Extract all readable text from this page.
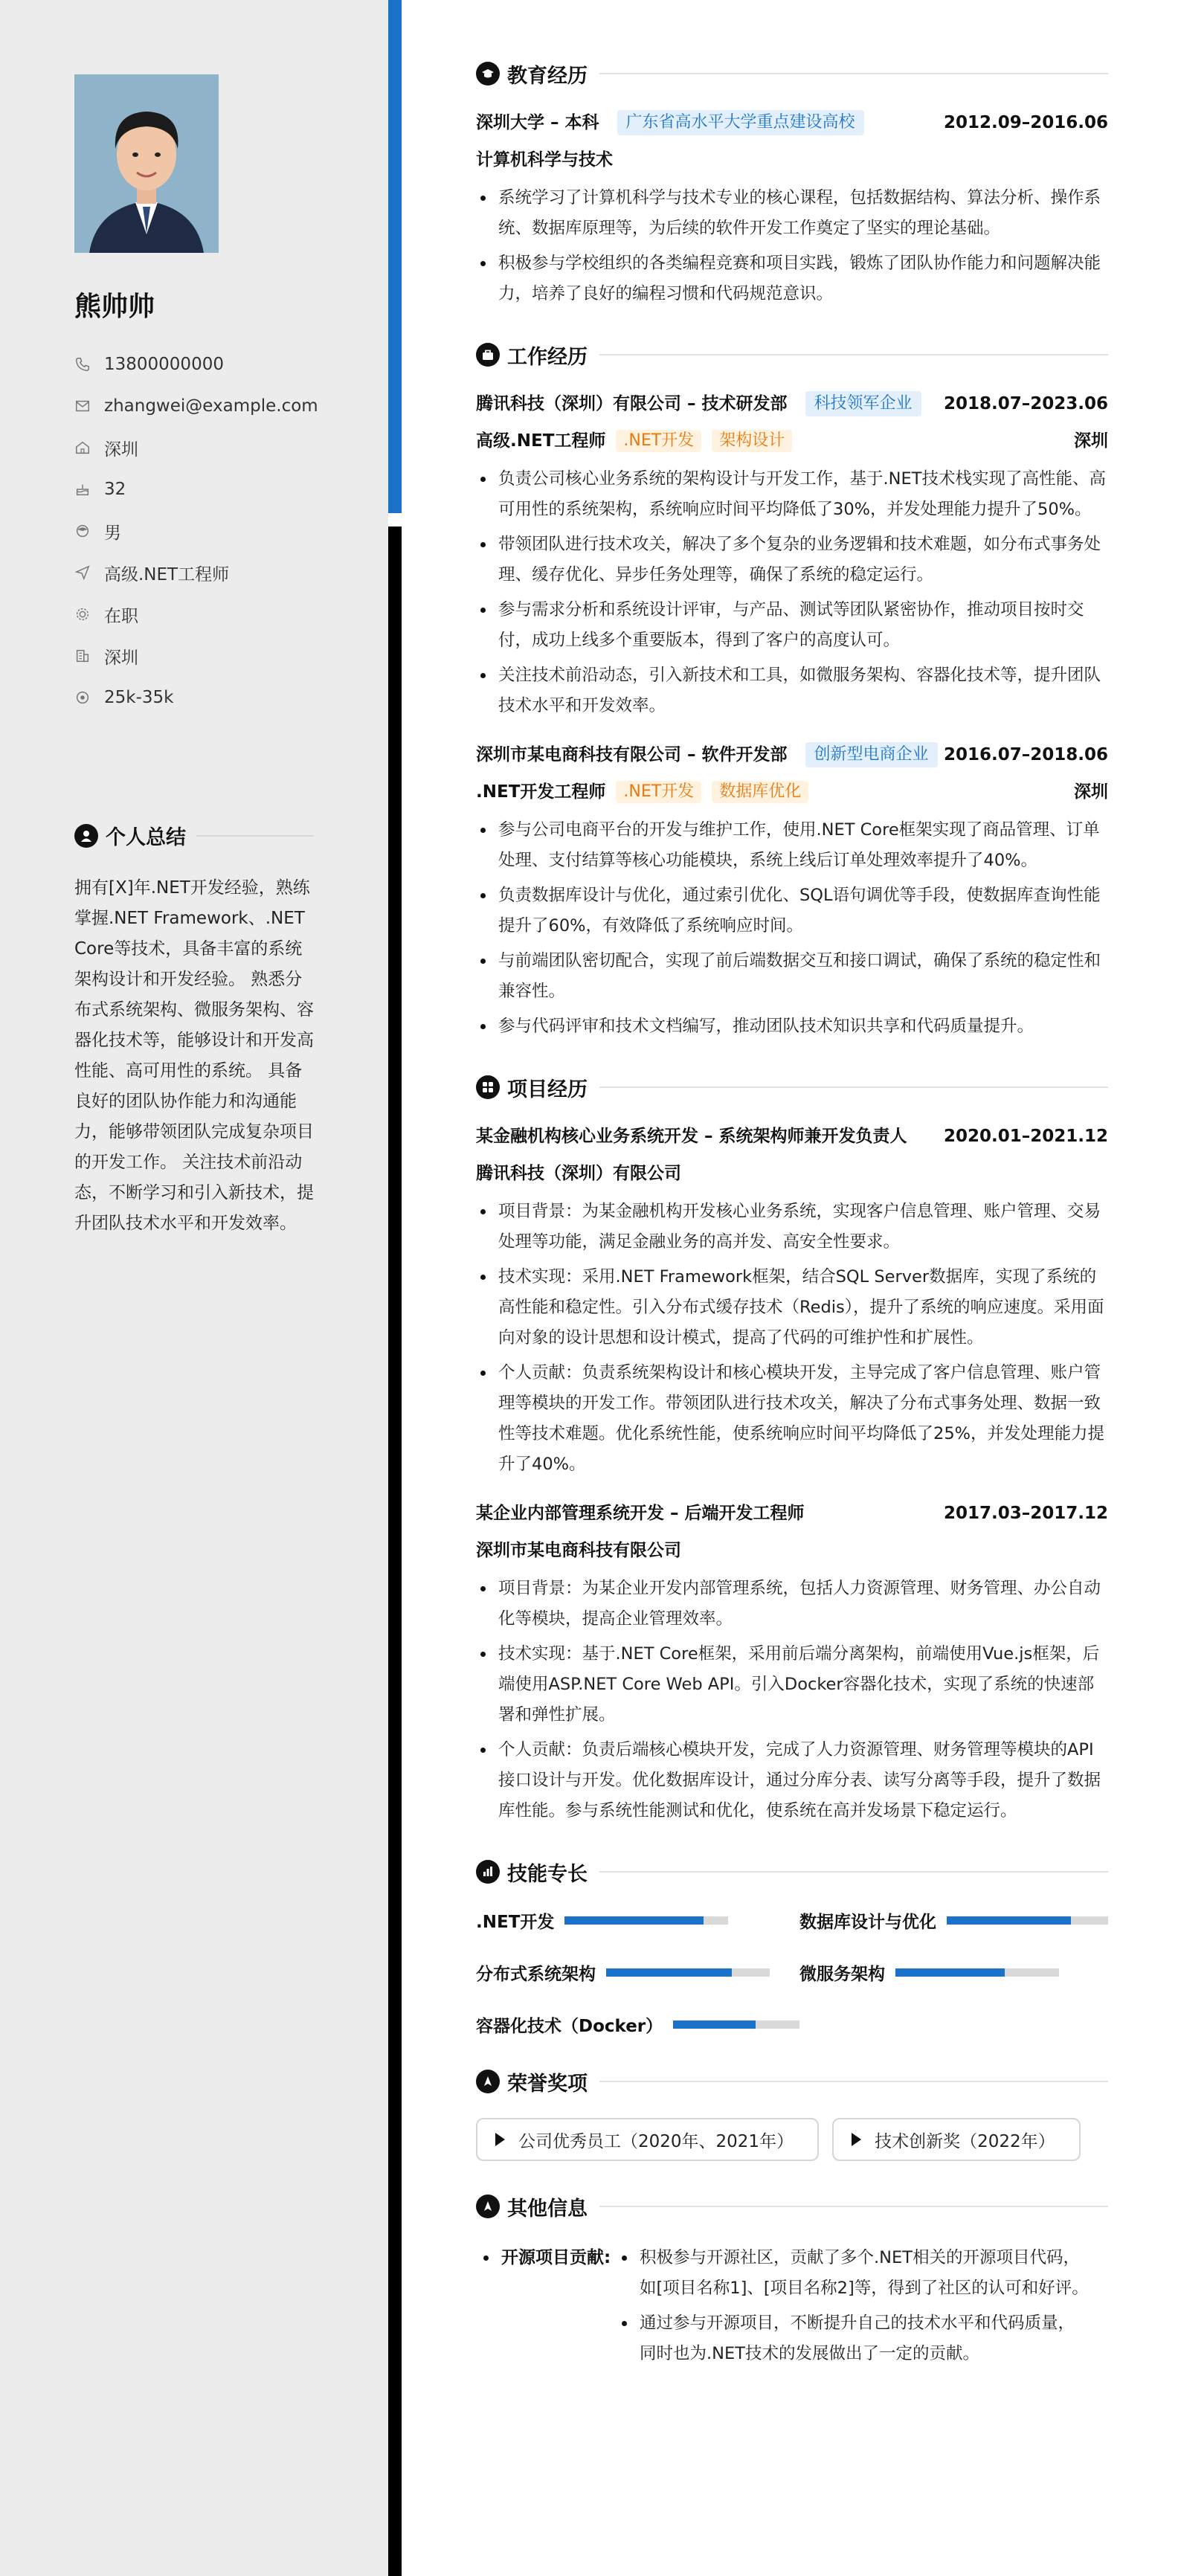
熊帅帅
13800000000
zhangwei@example.com
深圳
32
男
高级.NET工程师
在职
深圳
25k-35k
个人总结
拥有[X]年.NET开发经验，熟练掌握.NET Framework、.NET Core等技术，具备丰富的系统架构设计和开发经验。 熟悉分布式系统架构、微服务架构、容器化技术等，能够设计和开发高性能、高可用性的系统。 具备良好的团队协作能力和沟通能力，能够带领团队完成复杂项目的开发工作。 关注技术前沿动态，不断学习和引入新技术，提升团队技术水平和开发效率。
教育经历
深圳大学 – 本科	广东省高水平大学重点建设高校	2012.09–2016.06
计算机科学与技术
系统学习了计算机科学与技术专业的核心课程，包括数据结构、算法分析、操作系统、数据库原理等，为后续的软件开发工作奠定了坚实的理论基础。
积极参与学校组织的各类编程竞赛和项目实践，锻炼了团队协作能力和问题解决能力，培养了良好的编程习惯和代码规范意识。
工作经历
腾讯科技（深圳）有限公司 – 技术研发部	科技领军企业	2018.07–2023.06
高级.NET工程师	.NET开发	架构设计	深圳
负责公司核心业务系统的架构设计与开发工作，基于.NET技术栈实现了高性能、高可用性的系统架构，系统响应时间平均降低了30%，并发处理能力提升了50%。
带领团队进行技术攻关，解决了多个复杂的业务逻辑和技术难题，如分布式事务处理、缓存优化、异步任务处理等，确保了系统的稳定运行。
参与需求分析和系统设计评审，与产品、测试等团队紧密协作，推动项目按时交付，成功上线多个重要版本，得到了客户的高度认可。
关注技术前沿动态，引入新技术和工具，如微服务架构、容器化技术等，提升团队技术水平和开发效率。
深圳市某电商科技有限公司 – 软件开发部	创新型电商企业 2016.07–2018.06
.NET开发工程师	.NET开发	数据库优化	深圳
参与公司电商平台的开发与维护工作，使用.NET Core框架实现了商品管理、订单处理、支付结算等核心功能模块，系统上线后订单处理效率提升了40%。
负责数据库设计与优化，通过索引优化、SQL语句调优等手段，使数据库查询性能提升了60%，有效降低了系统响应时间。
与前端团队密切配合，实现了前后端数据交互和接口调试，确保了系统的稳定性和兼容性。
参与代码评审和技术文档编写，推动团队技术知识共享和代码质量提升。
项目经历
某金融机构核心业务系统开发 – 系统架构师兼开发负责人 2020.01–2021.12
腾讯科技（深圳）有限公司
项目背景：为某金融机构开发核心业务系统，实现客户信息管理、账户管理、交易处理等功能，满足金融业务的高并发、高安全性要求。
技术实现：采用.NET Framework框架，结合SQL Server数据库，实现了系统的高性能和稳定性。引入分布式缓存技术（Redis），提升了系统的响应速度。采用面向对象的设计思想和设计模式，提高了代码的可维护性和扩展性。
个人贡献：负责系统架构设计和核心模块开发，主导完成了客户信息管理、账户管理等模块的开发工作。带领团队进行技术攻关，解决了分布式事务处理、数据一致性等技术难题。优化系统性能，使系统响应时间平均降低了25%，并发处理能力提升了40%。
某企业内部管理系统开发 – 后端开发工程师	2017.03–2017.12
深圳市某电商科技有限公司
项目背景：为某企业开发内部管理系统，包括人力资源管理、财务管理、办公自动化等模块，提高企业管理效率。
技术实现：基于.NET Core框架，采用前后端分离架构，前端使用Vue.js框架，后端使用ASP.NET Core Web API。引入Docker容器化技术，实现了系统的快速部署和弹性扩展。
个人贡献：负责后端核心模块开发，完成了人力资源管理、财务管理等模块的API接口设计与开发。优化数据库设计，通过分库分表、读写分离等手段，提升了数据库性能。参与系统性能测试和优化，使系统在高并发场景下稳定运行。
技能专长
.NET开发	数据库设计与优化
分布式系统架构	微服务架构
容器化技术（Docker）
荣誉奖项
公司优秀员工（2020年、2021年）	技术创新奖（2022年）
其他信息
开源项目贡献:	积极参与开源社区，贡献了多个.NET相关的开源项目代码，如[项目名称1]、[项目名称2]等，得到了社区的认可和好评。
通过参与开源项目，不断提升自己的技术水平和代码质量，同时也为.NET技术的发展做出了一定的贡献。
